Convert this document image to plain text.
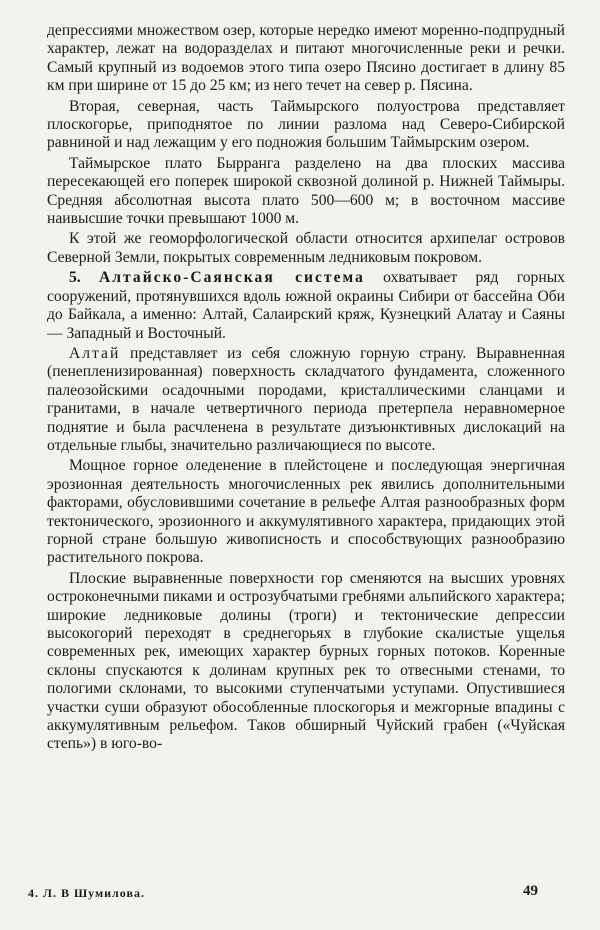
депрессиями множеством озер, которые нередко имеют моренно-подпрудный характер, лежат на водоразделах и питают многочисленные реки и речки. Самый крупный из водоемов этого типа озеро Пясино достигает в длину 85 км при ширине от 15 до 25 км; из него течет на север р. Пясина.

Вторая, северная, часть Таймырского полуострова представляет плоскогорье, приподнятое по линии разлома над Северо-Сибирской равниной и над лежащим у его подножия большим Таймырским озером.

Таймырское плато Бырранга разделено на два плоских массива пересекающей его поперек широкой сквозной долиной р. Нижней Таймыры. Средняя абсолютная высота плато 500—600 м; в восточном массиве наивысшие точки превышают 1000 м.

К этой же геоморфологической области относится архипелаг островов Северной Земли, покрытых современным ледниковым покровом.

5. Алтайско-Саянская система охватывает ряд горных сооружений, протянувшихся вдоль южной окраины Сибири от бассейна Оби до Байкала, а именно: Алтай, Салаирский кряж, Кузнецкий Алатау и Саяны — Западный и Восточный.

Алтай представляет из себя сложную горную страну. Выравненная (пенепленизированная) поверхность складчатого фундамента, сложенного палеозойскими осадочными породами, кристаллическими сланцами и гранитами, в начале четвертичного периода претерпела неравномерное поднятие и была расчленена в результате дизъюнктивных дислокаций на отдельные глыбы, значительно различающиеся по высоте.

Мощное горное оледенение в плейстоцене и последующая энергичная эрозионная деятельность многочисленных рек явились дополнительными факторами, обусловившими сочетание в рельефе Алтая разнообразных форм тектонического, эрозионного и аккумулятивного характера, придающих этой горной стране большую живописность и способствующих разнообразию растительного покрова.

Плоские выравненные поверхности гор сменяются на высших уровнях остроконечными пиками и острозубчатыми гребнями альпийского характера; широкие ледниковые долины (троги) и тектонические депрессии высокогорий переходят в среднегорьях в глубокие скалистые ущелья современных рек, имеющих характер бурных горных потоков. Коренные склоны спускаются к долинам крупных рек то отвесными стенами, то пологими склонами, то высокими ступенчатыми уступами. Опустившиеся участки суши образуют обособленные плоскогорья и межгорные впадины с аккумулятивным рельефом. Таков обширный Чуйский грабен («Чуйская степь») в юго-во-

4. Л. В Шумилова.	49
